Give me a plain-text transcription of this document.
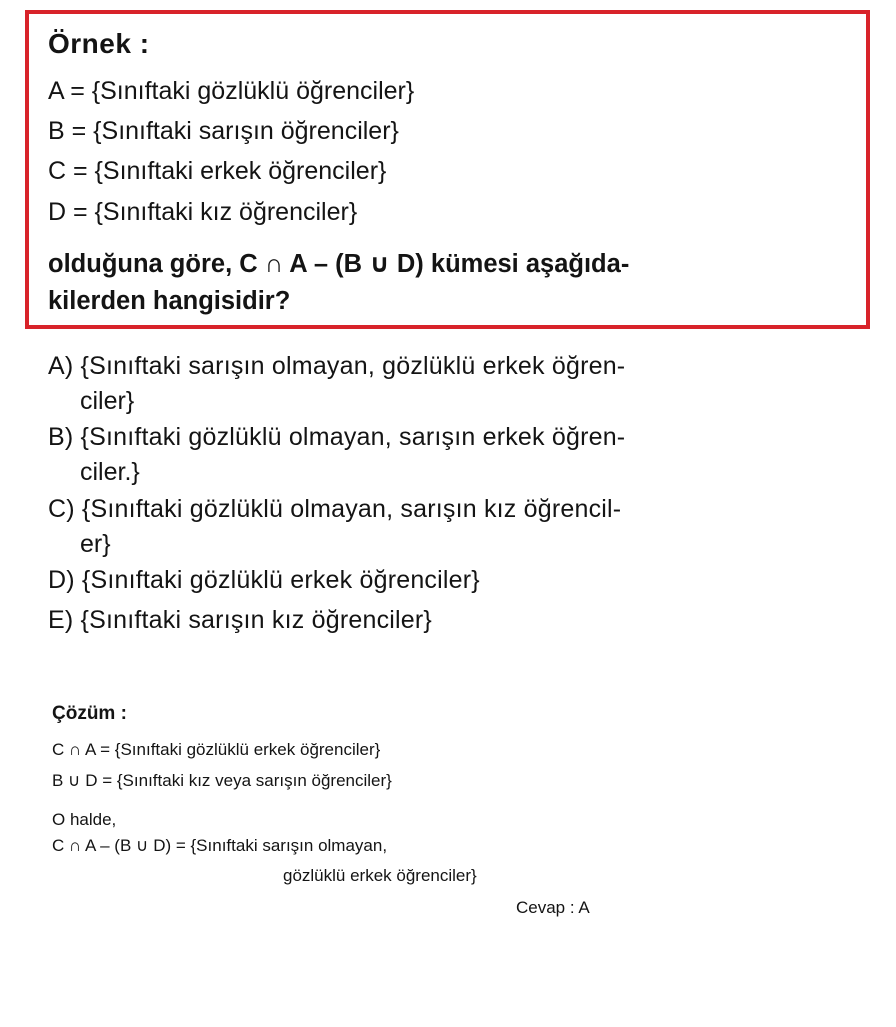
Örnek :
A = {Sınıftaki gözlüklü öğrenciler}
B = {Sınıftaki sarışın öğrenciler}
C = {Sınıftaki erkek öğrenciler}
D = {Sınıftaki kız öğrenciler}
olduğuna göre, C ∩ A – (B ∪ D) kümesi aşağıda-
kilerden hangisidir?
A) {Sınıftaki sarışın olmayan, gözlüklü erkek öğren-
ciler}
B) {Sınıftaki gözlüklü olmayan, sarışın erkek öğren-
ciler.}
C) {Sınıftaki gözlüklü olmayan, sarışın kız öğrencil-
er}
D) {Sınıftaki gözlüklü erkek öğrenciler}
E) {Sınıftaki sarışın kız öğrenciler}
Çözüm :
C ∩ A = {Sınıftaki gözlüklü erkek öğrenciler}
B ∪ D = {Sınıftaki kız veya sarışın öğrenciler}
O halde,
C ∩ A – (B ∪ D) = {Sınıftaki sarışın olmayan,
gözlüklü erkek öğrenciler}
Cevap : A
